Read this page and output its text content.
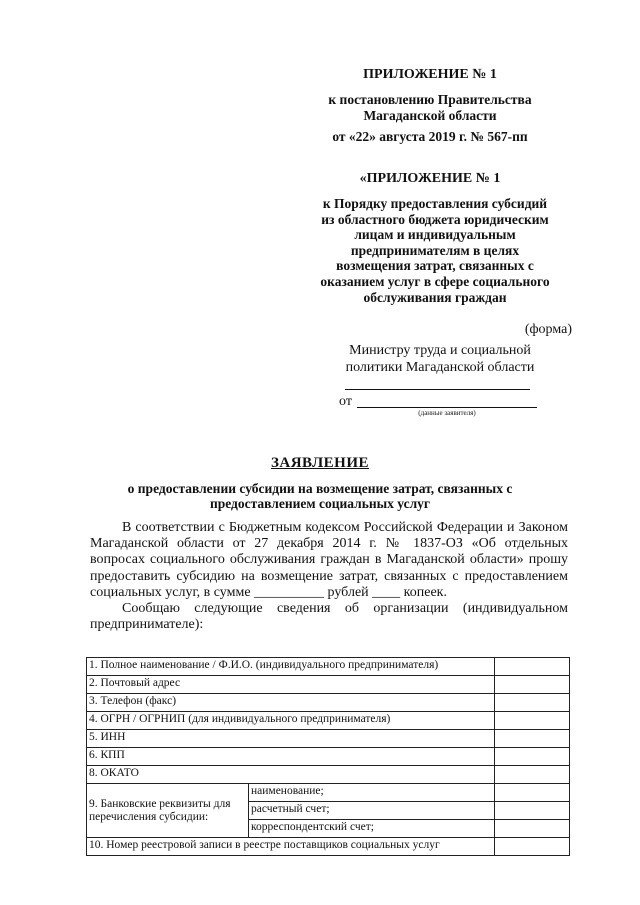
ПРИЛОЖЕНИЕ № 1
к постановлению Правительства
Магаданской области
от «22» августа 2019 г. № 567-пп
«ПРИЛОЖЕНИЕ № 1
к Порядку предоставления субсидий
из областного бюджета юридическим
лицам и индивидуальным
предпринимателям в целях
возмещения затрат, связанных с
оказанием услуг в сфере социального
обслуживания граждан
(форма)
Министру труда и социальной
политики Магаданской области
от
(данные заявителя)
ЗАЯВЛЕНИЕ
о предоставлении субсидии на возмещение затрат, связанных с
предоставлением социальных услуг
В соответствии с Бюджетным кодексом Российской Федерации и Законом Магаданской области от 27 декабря 2014 г. № 1837-ОЗ «Об отдельных вопросах социального обслуживания граждан в Магаданской области» прошу предоставить субсидию на возмещение затрат, связанных с предоставлением социальных услуг, в сумме __________ рублей ____ копеек.
Сообщаю следующие сведения об организации (индивидуальном предпринимателе):
1. Полное наименование / Ф.И.О. (индивидуального предпринимателя)		
2. Почтовый адрес		
3. Телефон (факс)		
4. ОГРН / ОГРНИП (для индивидуального предпринимателя)		
5. ИНН		
6. КПП		
8. ОКАТО		
9. Банковские реквизиты для перечисления субсидии:	наименование;	
	расчетный счет;	
	корреспондентский счет;	
10. Номер реестровой записи в реестре поставщиков социальных услуг		
